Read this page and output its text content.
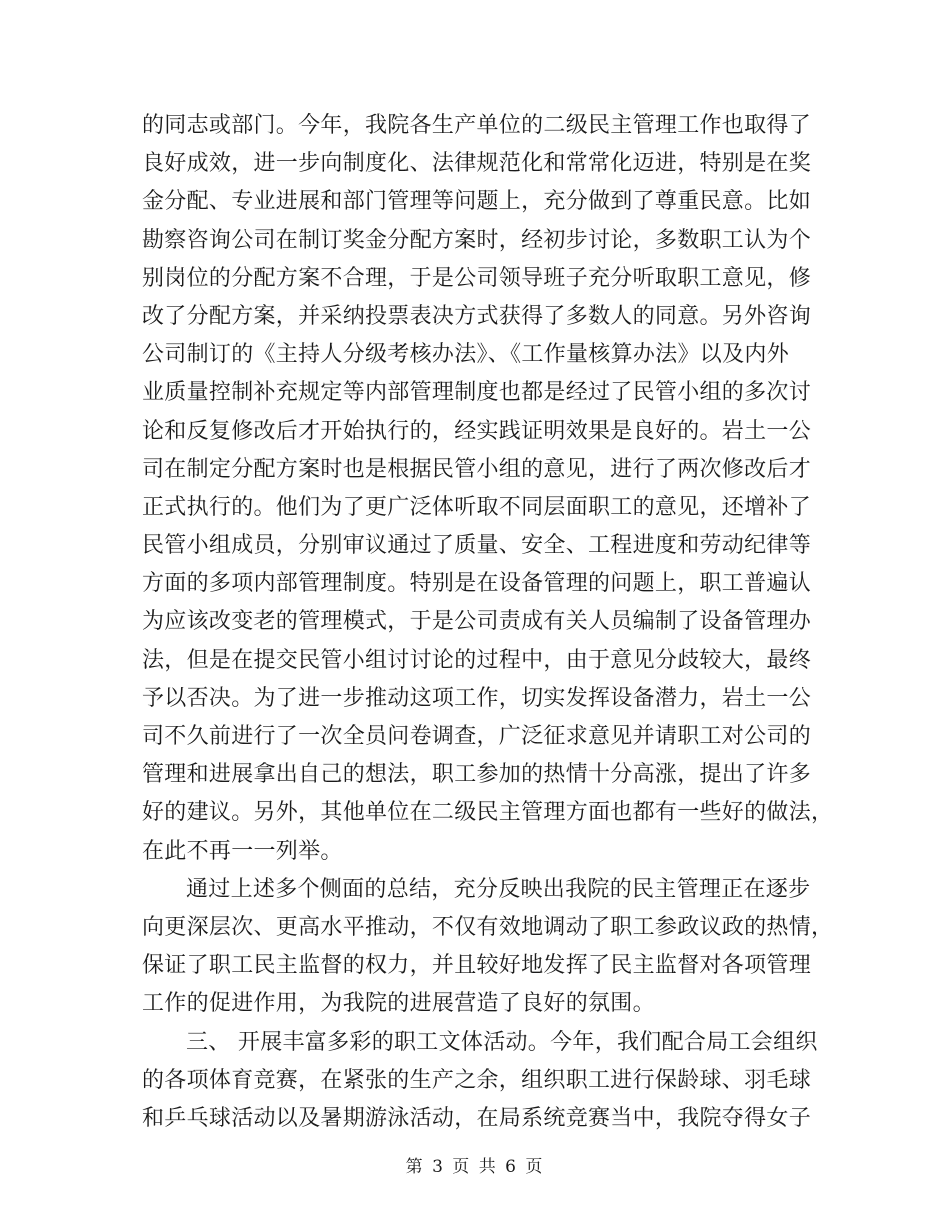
的同志或部门。今年，我院各生产单位的二级民主管理工作也取得了
良好成效，进一步向制度化、法律规范化和常常化迈进，特别是在奖
金分配、专业进展和部门管理等问题上，充分做到了尊重民意。比如
勘察咨询公司在制订奖金分配方案时，经初步讨论，多数职工认为个
别岗位的分配方案不合理，于是公司领导班子充分听取职工意见，修
改了分配方案，并采纳投票表决方式获得了多数人的同意。另外咨询
公司制订的《主持人分级考核办法》、《工作量核算办法》以及内外
业质量控制补充规定等内部管理制度也都是经过了民管小组的多次讨
论和反复修改后才开始执行的，经实践证明效果是良好的。岩土一公
司在制定分配方案时也是根据民管小组的意见，进行了两次修改后才
正式执行的。他们为了更广泛体听取不同层面职工的意见，还增补了
民管小组成员，分别审议通过了质量、安全、工程进度和劳动纪律等
方面的多项内部管理制度。特别是在设备管理的问题上，职工普遍认
为应该改变老的管理模式，于是公司责成有关人员编制了设备管理办
法，但是在提交民管小组讨讨论的过程中，由于意见分歧较大，最终
予以否决。为了进一步推动这项工作，切实发挥设备潜力，岩土一公
司不久前进行了一次全员问卷调查，广泛征求意见并请职工对公司的
管理和进展拿出自己的想法，职工参加的热情十分高涨，提出了许多
好的建议。另外，其他单位在二级民主管理方面也都有一些好的做法，
在此不再一一列举。
通过上述多个侧面的总结，充分反映出我院的民主管理正在逐步
向更深层次、更高水平推动，不仅有效地调动了职工参政议政的热情，
保证了职工民主监督的权力，并且较好地发挥了民主监督对各项管理
工作的促进作用，为我院的进展营造了良好的氛围。
三、 开展丰富多彩的职工文体活动。今年，我们配合局工会组织
的各项体育竞赛，在紧张的生产之余，组织职工进行保龄球、羽毛球
和乒乓球活动以及暑期游泳活动，在局系统竞赛当中，我院夺得女子
第 3 页 共 6 页
